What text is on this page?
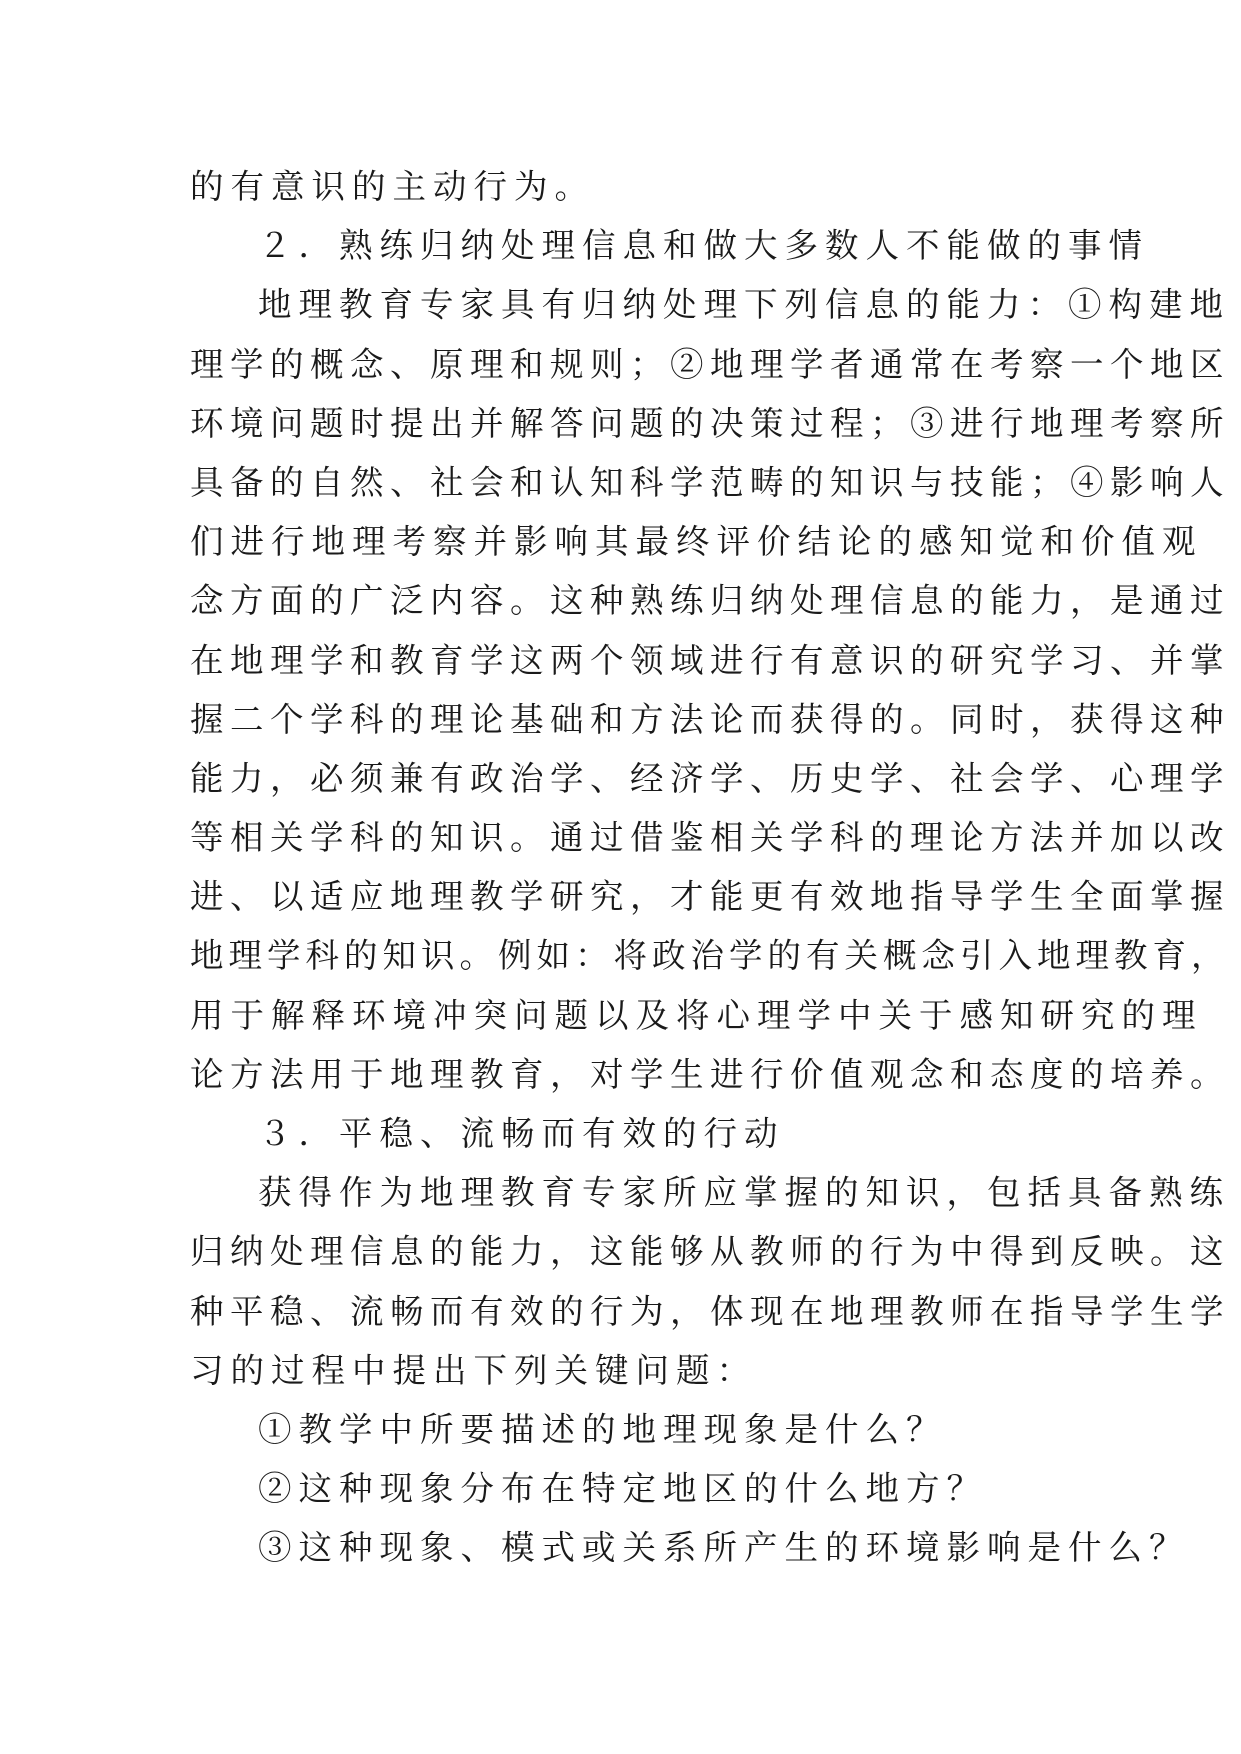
的有意识的主动行为。
２．熟练归纳处理信息和做大多数人不能做的事情
地理教育专家具有归纳处理下列信息的能力：①构建地
理学的概念、原理和规则；②地理学者通常在考察一个地区
环境问题时提出并解答问题的决策过程；③进行地理考察所
具备的自然、社会和认知科学范畴的知识与技能；④影响人
们进行地理考察并影响其最终评价结论的感知觉和价值观
念方面的广泛内容。这种熟练归纳处理信息的能力，是通过
在地理学和教育学这两个领域进行有意识的研究学习、并掌
握二个学科的理论基础和方法论而获得的。同时，获得这种
能力，必须兼有政治学、经济学、历史学、社会学、心理学
等相关学科的知识。通过借鉴相关学科的理论方法并加以改
进、以适应地理教学研究，才能更有效地指导学生全面掌握
地理学科的知识。例如：将政治学的有关概念引入地理教育，
用于解释环境冲突问题以及将心理学中关于感知研究的理
论方法用于地理教育，对学生进行价值观念和态度的培养。
３．平稳、流畅而有效的行动
获得作为地理教育专家所应掌握的知识，包括具备熟练
归纳处理信息的能力，这能够从教师的行为中得到反映。这
种平稳、流畅而有效的行为，体现在地理教师在指导学生学
习的过程中提出下列关键问题：
①教学中所要描述的地理现象是什么？
②这种现象分布在特定地区的什么地方？
③这种现象、模式或关系所产生的环境影响是什么？
